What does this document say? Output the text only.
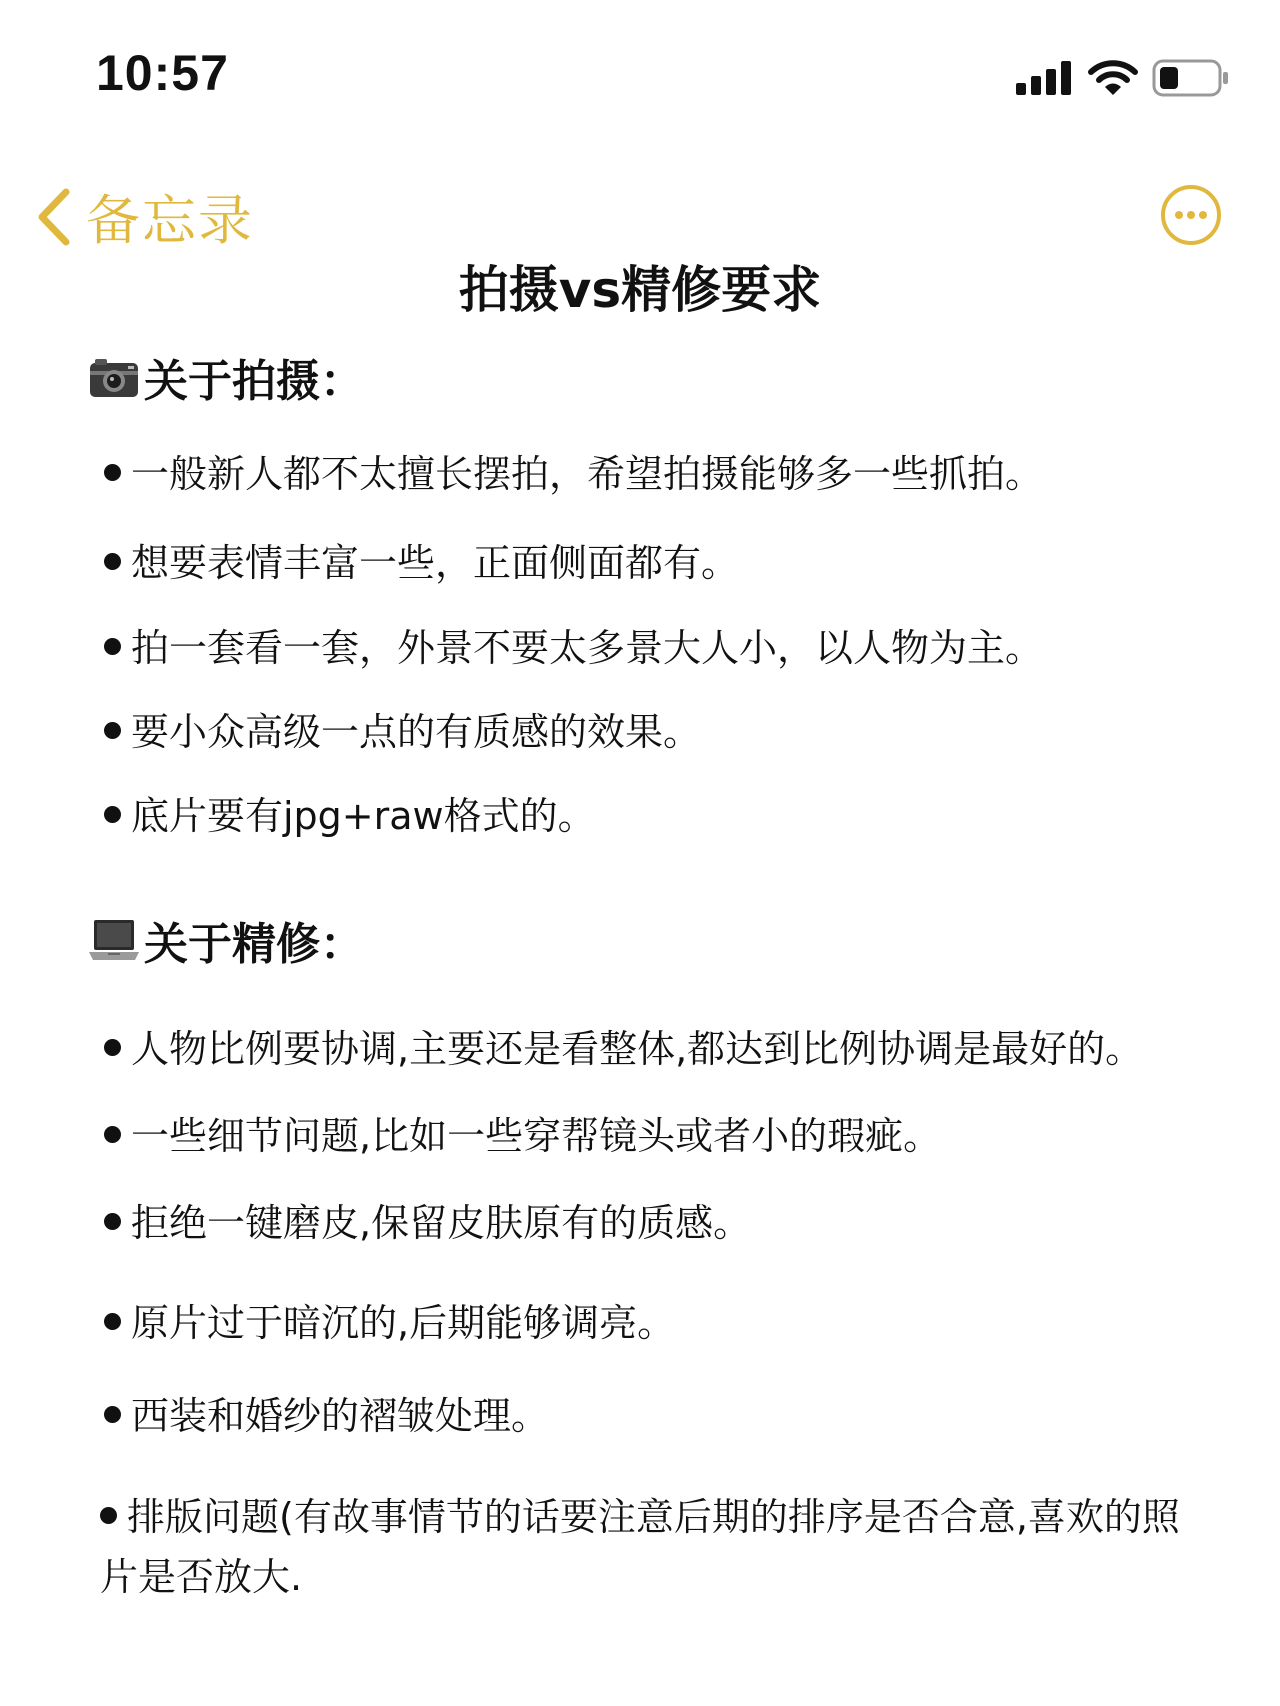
10:57
备忘录
拍摄vs精修要求
关于拍摄：
一般新人都不太擅长摆拍，希望拍摄能够多一些抓拍。
想要表情丰富一些，正面侧面都有。
拍一套看一套，外景不要太多景大人小，以人物为主。
要小众高级一点的有质感的效果。
底片要有jpg+raw格式的。
关于精修：
人物比例要协调,主要还是看整体,都达到比例协调是最好的。
一些细节问题,比如一些穿帮镜头或者小的瑕疵。
拒绝一键磨皮,保留皮肤原有的质感。
原片过于暗沉的,后期能够调亮。
西装和婚纱的褶皱处理。
排版问题(有故事情节的话要注意后期的排序是否合意,喜欢的照片是否放大.
